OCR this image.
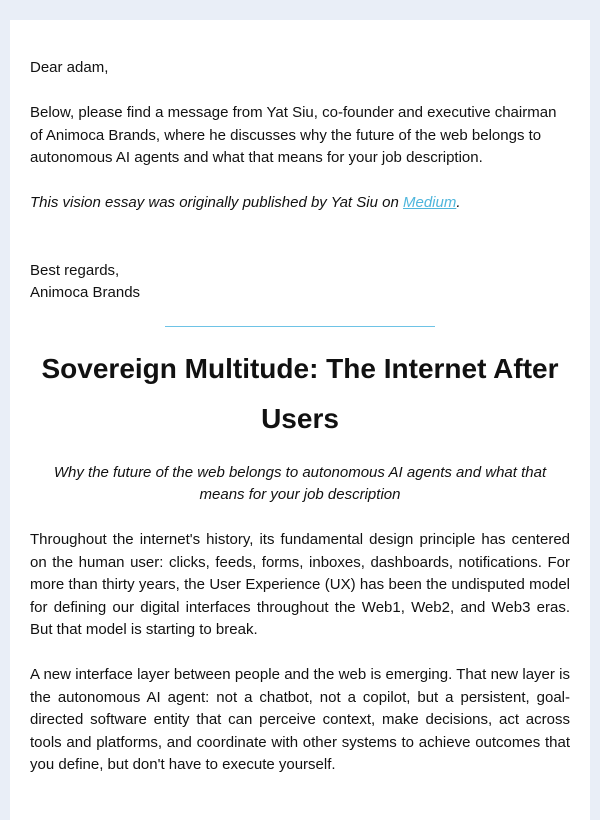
Dear adam,

Below, please find a message from Yat Siu, co-founder and executive chairman of Animoca Brands, where he discusses why the future of the web belongs to autonomous AI agents and what that means for your job description.

This vision essay was originally published by Yat Siu on Medium.

Best regards,

Animoca Brands

Sovereign Multitude: The Internet After Users

Why the future of the web belongs to autonomous AI agents and what that means for your job description

Throughout the internet's history, its fundamental design principle has centered on the human user: clicks, feeds, forms, inboxes, dashboards, notifications. For more than thirty years, the User Experience (UX) has been the undisputed model for defining our digital interfaces throughout the Web1, Web2, and Web3 eras. But that model is starting to break.

A new interface layer between people and the web is emerging. That new layer is the autonomous AI agent: not a chatbot, not a copilot, but a persistent, goal-directed software entity that can perceive context, make decisions, act across tools and platforms, and coordinate with other systems to achieve outcomes that you define, but don't have to execute yourself.
